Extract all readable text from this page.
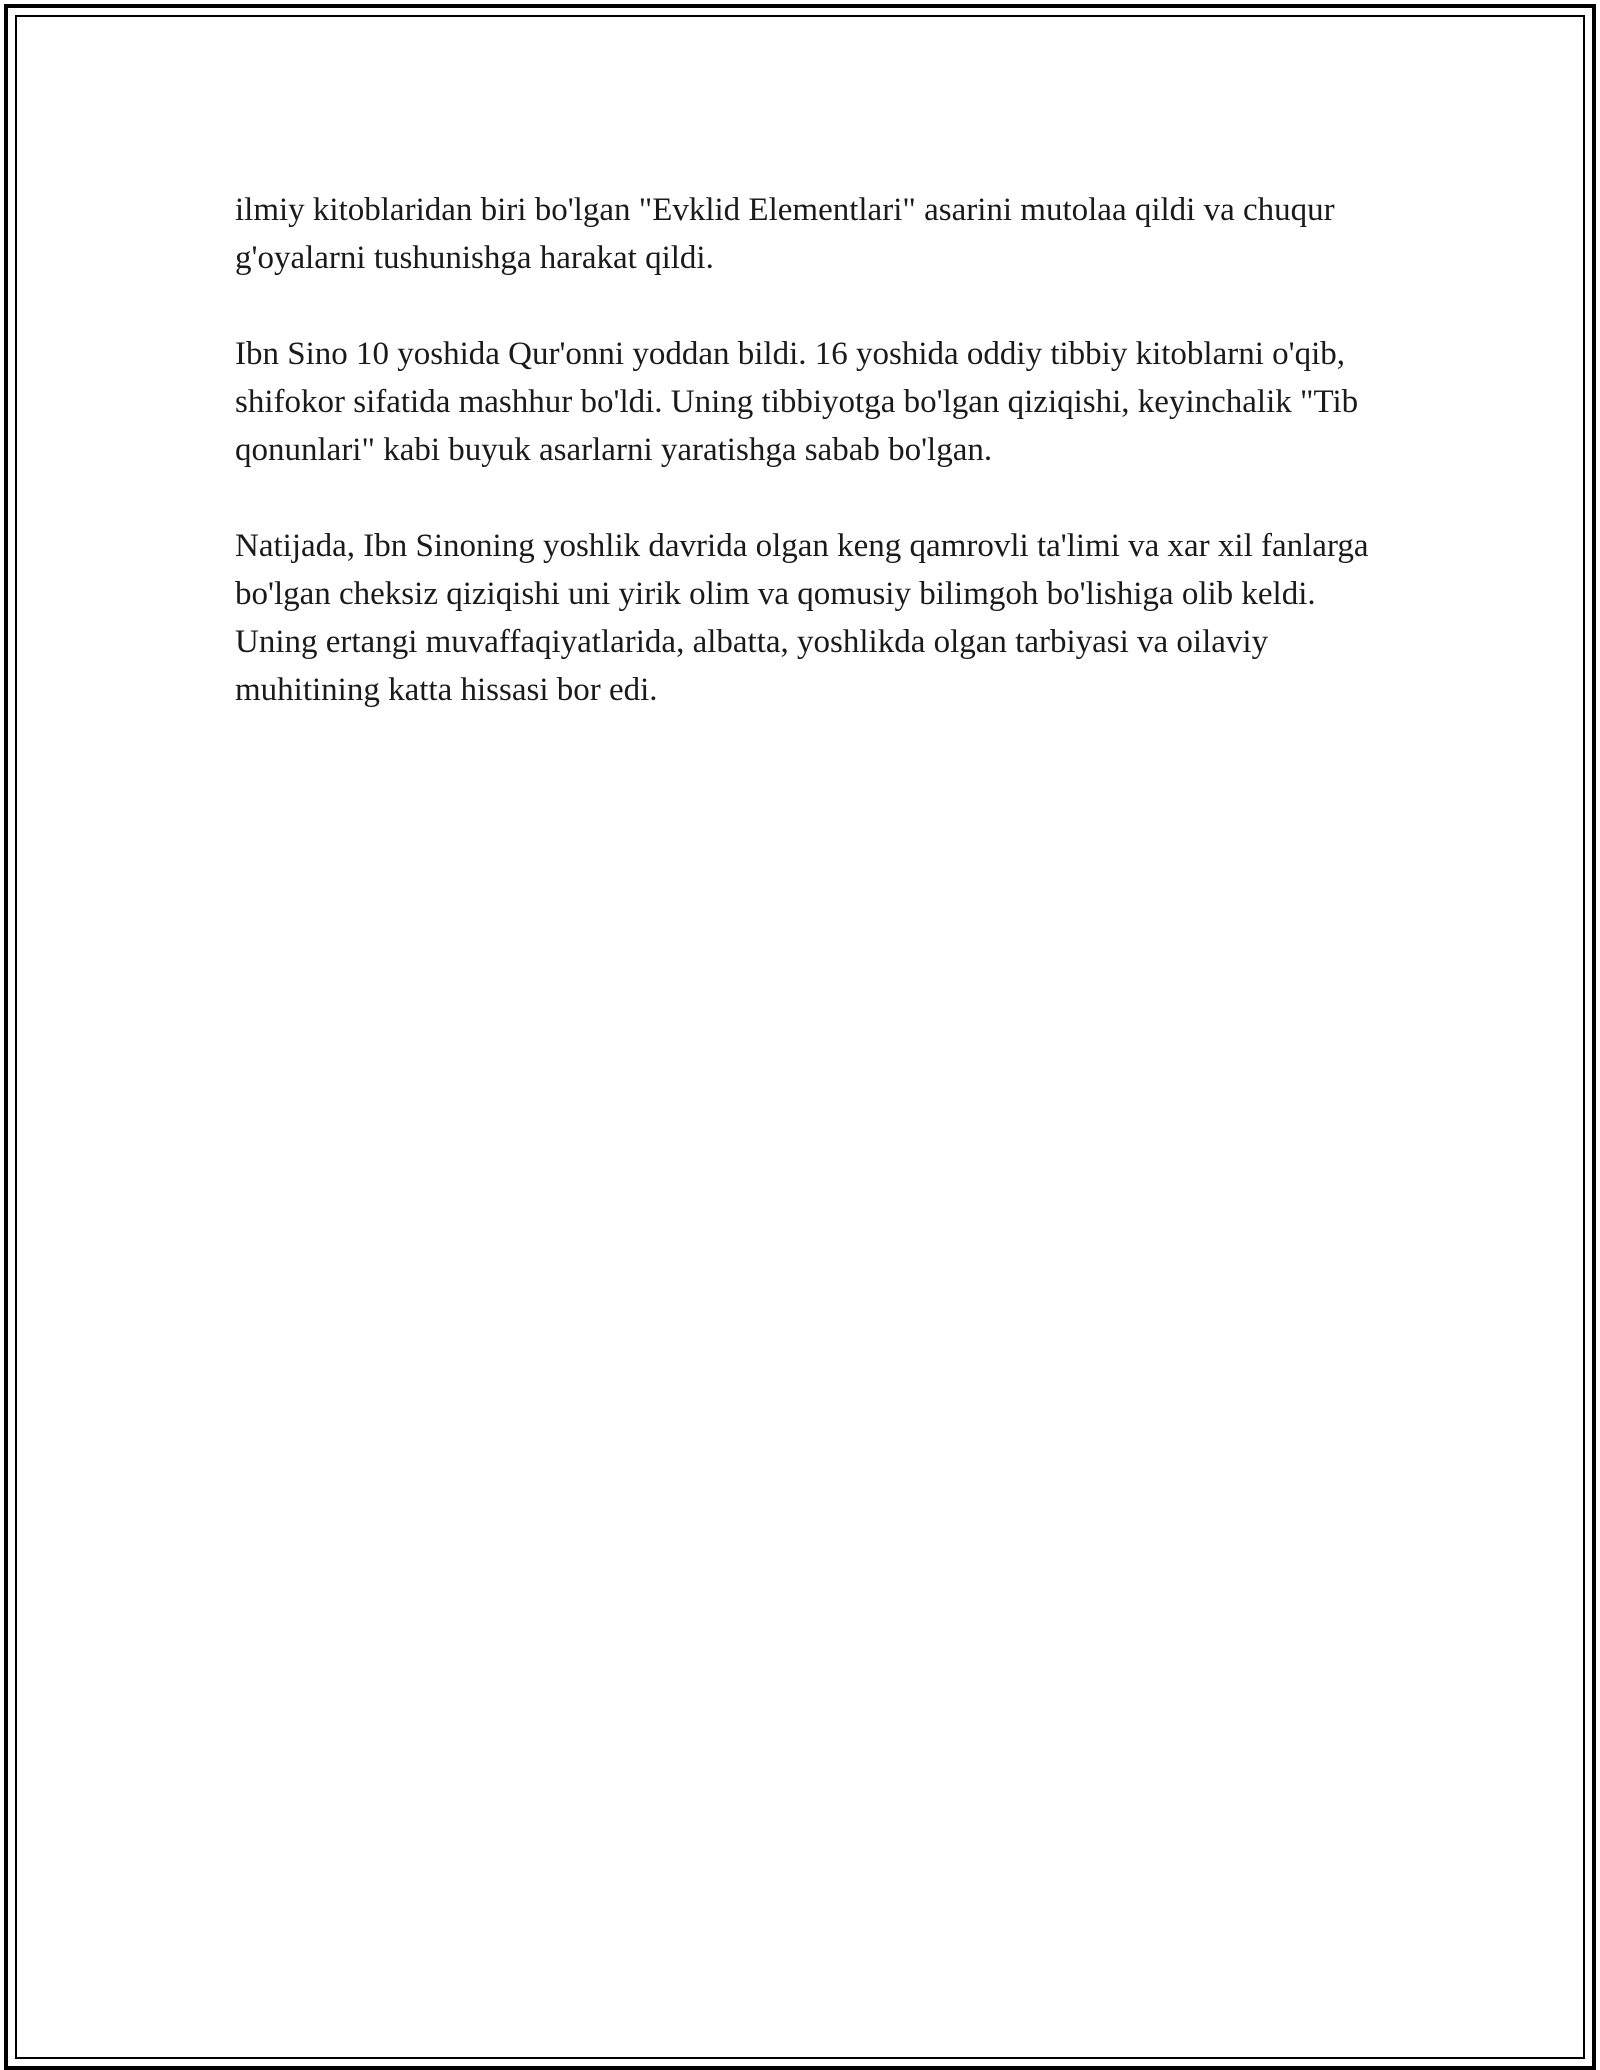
ilmiy kitoblaridan biri bo'lgan "Evklid Elementlari" asarini mutolaa qildi va chuqur g'oyalarni tushunishga harakat qildi.

Ibn Sino 10 yoshida Qur'onni yoddan bildi. 16 yoshida oddiy tibbiy kitoblarni o'qib, shifokor sifatida mashhur bo'ldi. Uning tibbiyotga bo'lgan qiziqishi, keyinchalik "Tib qonunlari" kabi buyuk asarlarni yaratishga sabab bo'lgan.

Natijada, Ibn Sinoning yoshlik davrida olgan keng qamrovli ta'limi va xar xil fanlarga bo'lgan cheksiz qiziqishi uni yirik olim va qomusiy bilimgoh bo'lishiga olib keldi. Uning ertangi muvaffaqiyatlarida, albatta, yoshlikda olgan tarbiyasi va oilaviy muhitining katta hissasi bor edi.
